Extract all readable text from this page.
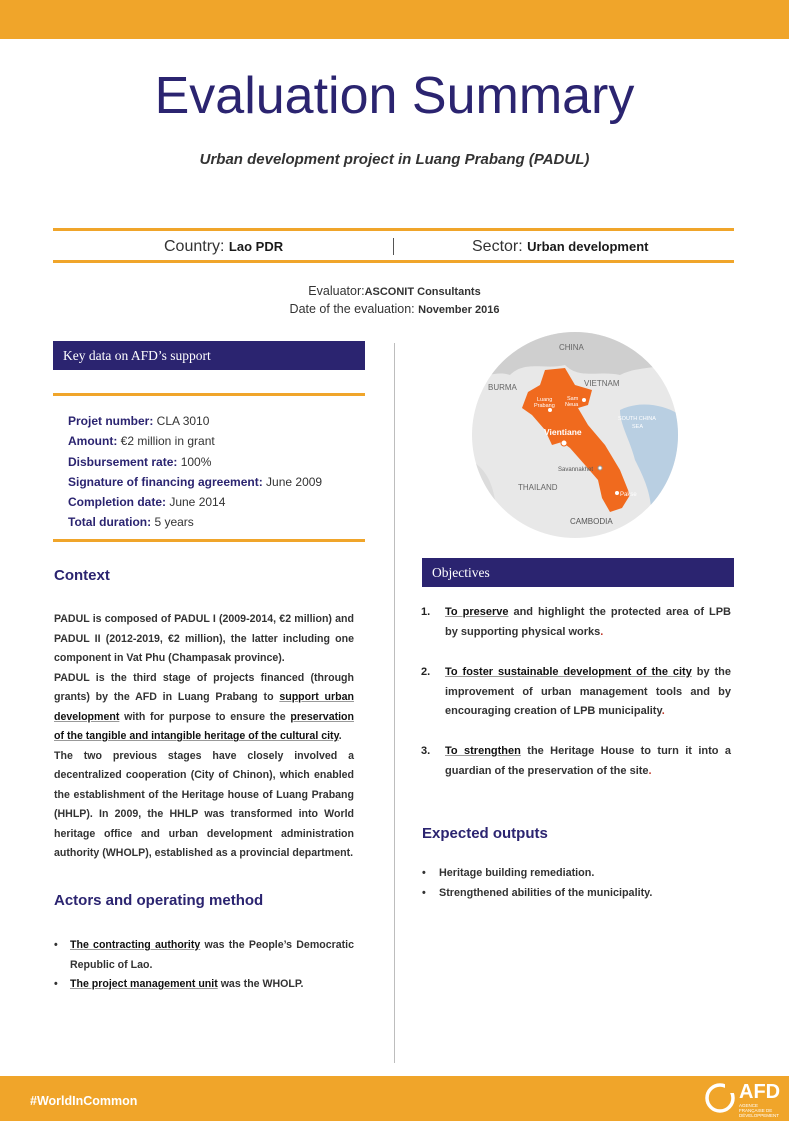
Evaluation Summary
Urban development project in Luang Prabang (PADUL)
Country: Lao PDR	Sector: Urban development
Evaluator:ASCONIT Consultants
Date of the evaluation: November 2016
Key data on AFD’s support
Projet number: CLA 3010
Amount: €2 million in grant
Disbursement rate: 100%
Signature of financing agreement: June 2009
Completion date: June 2014
Total duration: 5 years
CHINA
BURMA	VIETNAM
SOUTH CHINA
SEA
Luang
Prabang
Sam
Neua
Vientiane
Savannakhet
THAILAND
Pakse
CAMBODIA
Context
PADUL is composed of PADUL I (2009-2014, €2 million) and PADUL II (2012-2019, €2 million), the latter including one component in Vat Phu (Champasak province).
PADUL is the third stage of projects financed (through grants) by the AFD in Luang Prabang to support urban development with for purpose to ensure the preservation of the tangible and intangible heritage of the cultural city.
The two previous stages have closely involved a decentralized cooperation (City of Chinon), which enabled the establishment of the Heritage house of Luang Prabang (HHLP). In 2009, the HHLP was transformed into World heritage office and urban development administration authority (WHOLP), established as a provincial department.
Actors and operating method
• The contracting authority was the People’s Democratic Republic of Lao.
• The project management unit was the WHOLP.
Objectives
1.	To preserve and highlight the protected area of LPB by supporting physical works.
2.	To foster sustainable development of the city by the improvement of urban management tools and by encouraging creation of LPB municipality.
3.	To strengthen the Heritage House to turn it into a guardian of the preservation of the site.
Expected outputs
• Heritage building remediation.
• Strengthened abilities of the municipality.
#WorldInCommon	AFD
AGENCE FRANÇAISE DE DÉVELOPPEMENT
